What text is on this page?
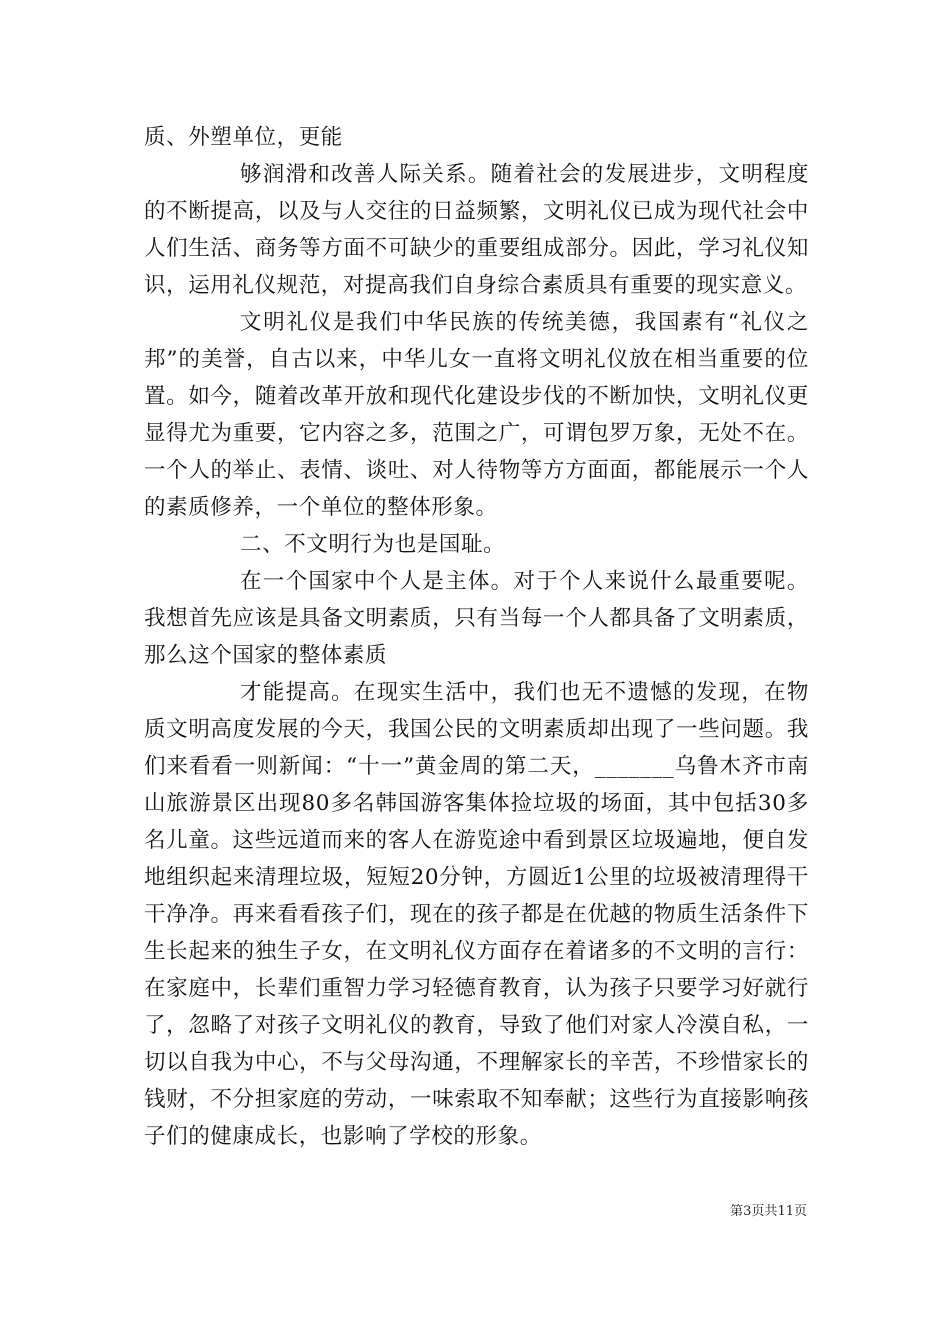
质、外塑单位，更能

够润滑和改善人际关系。随着社会的发展进步，文明程度的不断提高，以及与人交往的日益频繁，文明礼仪已成为现代社会中人们生活、商务等方面不可缺少的重要组成部分。因此，学习礼仪知识，运用礼仪规范，对提高我们自身综合素质具有重要的现实意义。

文明礼仪是我们中华民族的传统美德，我国素有“礼仪之邦”的美誉，自古以来，中华儿女一直将文明礼仪放在相当重要的位置。如今，随着改革开放和现代化建设步伐的不断加快，文明礼仪更显得尤为重要，它内容之多，范围之广，可谓包罗万象，无处不在。一个人的举止、表情、谈吐、对人待物等方方面面，都能展示一个人的素质修养，一个单位的整体形象。

二、不文明行为也是国耻。

在一个国家中个人是主体。对于个人来说什么最重要呢。我想首先应该是具备文明素质，只有当每一个人都具备了文明素质，那么这个国家的整体素质

才能提高。在现实生活中，我们也无不遗憾的发现，在物质文明高度发展的今天，我国公民的文明素质却出现了一些问题。我们来看看一则新闻：“十一”黄金周的第二天，_______乌鲁木齐市南山旅游景区出现80多名韩国游客集体捡垃圾的场面，其中包括30多名儿童。这些远道而来的客人在游览途中看到景区垃圾遍地，便自发地组织起来清理垃圾，短短20分钟，方圆近1公里的垃圾被清理得干干净净。再来看看孩子们，现在的孩子都是在优越的物质生活条件下生长起来的独生子女，在文明礼仪方面存在着诸多的不文明的言行：在家庭中，长辈们重智力学习轻德育教育，认为孩子只要学习好就行了，忽略了对孩子文明礼仪的教育，导致了他们对家人冷漠自私，一切以自我为中心，不与父母沟通，不理解家长的辛苦，不珍惜家长的钱财，不分担家庭的劳动，一味索取不知奉献；这些行为直接影响孩子们的健康成长，也影响了学校的形象。

第3页共11页
